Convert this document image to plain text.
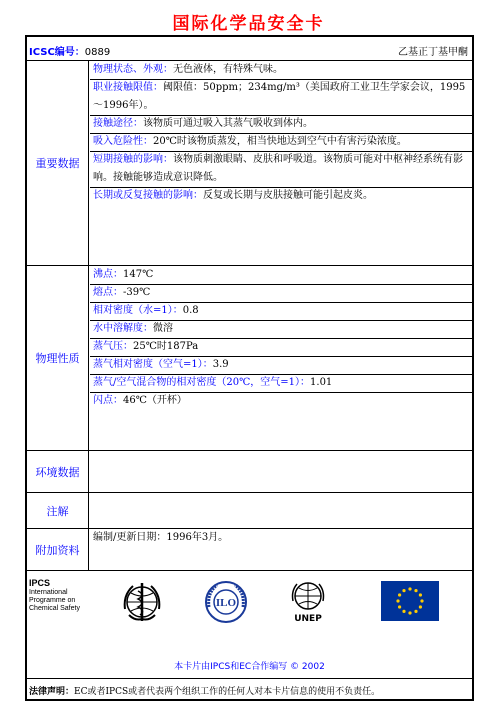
国际化学品安全卡
ICSC编号：0889	乙基正丁基甲酮
重要数据
物理状态、外观：无色液体，有特殊气味。
职业接触限值：阈限值：50ppm；234mg/m³（美国政府工业卫生学家会议，1995～1996年）。
接触途径：该物质可通过吸入其蒸气吸收到体内。
吸入危险性：20℃时该物质蒸发，相当快地达到空气中有害污染浓度。
短期接触的影响：该物质刺激眼睛、皮肤和呼吸道。该物质可能对中枢神经系统有影响。接触能够造成意识降低。
长期或反复接触的影响：反复或长期与皮肤接触可能引起皮炎。
物理性质
沸点：147℃
熔点：-39℃
相对密度（水=1）：0.8
水中溶解度：微溶
蒸气压：25℃时187Pa
蒸气相对密度（空气=1）：3.9
蒸气/空气混合物的相对密度（20℃，空气=1）：1.01
闪点：46℃（开杯）
环境数据
注解
附加资料
编制/更新日期：1996年3月。
IPCS
International
Programme on
Chemical Safety	ILO
UNEP
本卡片由IPCS和EC合作编写 © 2002
法律声明：EC或者IPCS或者代表两个组织工作的任何人对本卡片信息的使用不负责任。
